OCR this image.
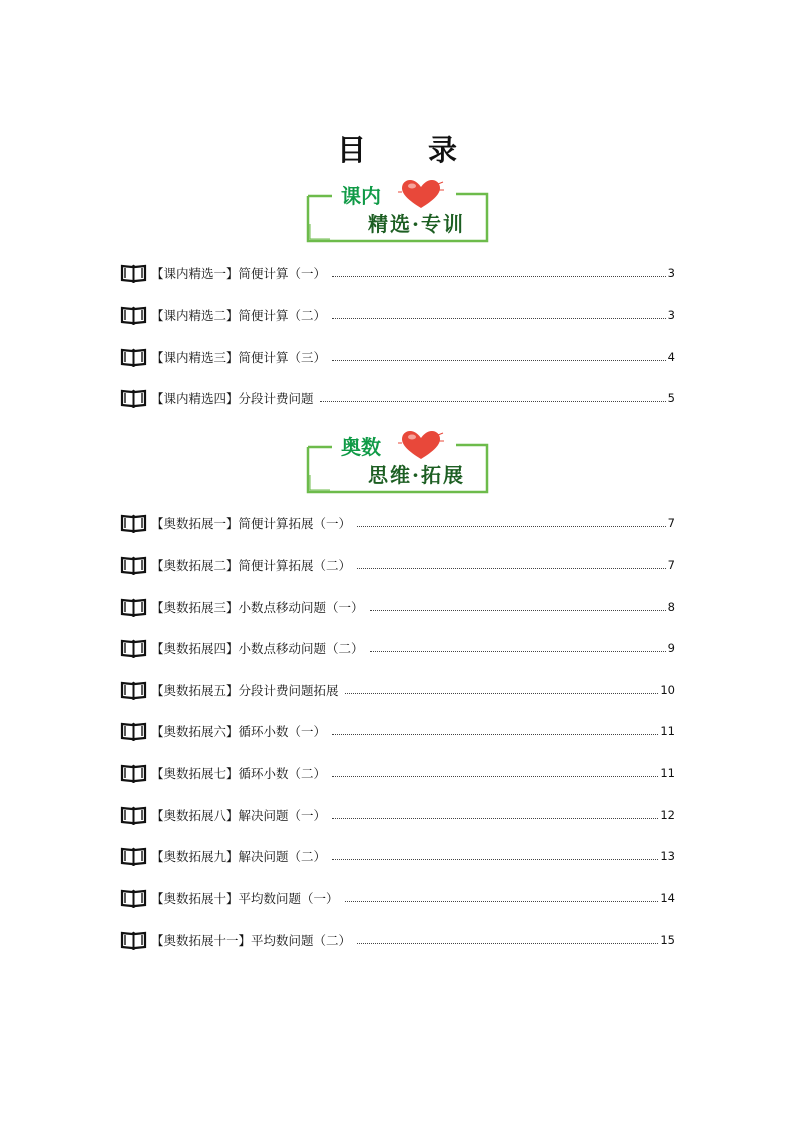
目 录
课内
精选·专训
【课内精选一】简便计算（一）	3
【课内精选二】简便计算（二）	3
【课内精选三】简便计算（三）	4
【课内精选四】分段计费问题	5
奥数
思维·拓展
【奥数拓展一】简便计算拓展（一）	7
【奥数拓展二】简便计算拓展（二）	7
【奥数拓展三】小数点移动问题（一）	8
【奥数拓展四】小数点移动问题（二）	9
【奥数拓展五】分段计费问题拓展	10
【奥数拓展六】循环小数（一）	11
【奥数拓展七】循环小数（二）	11
【奥数拓展八】解决问题（一）	12
【奥数拓展九】解决问题（二）	13
【奥数拓展十】平均数问题（一）	14
【奥数拓展十一】平均数问题（二）	15
